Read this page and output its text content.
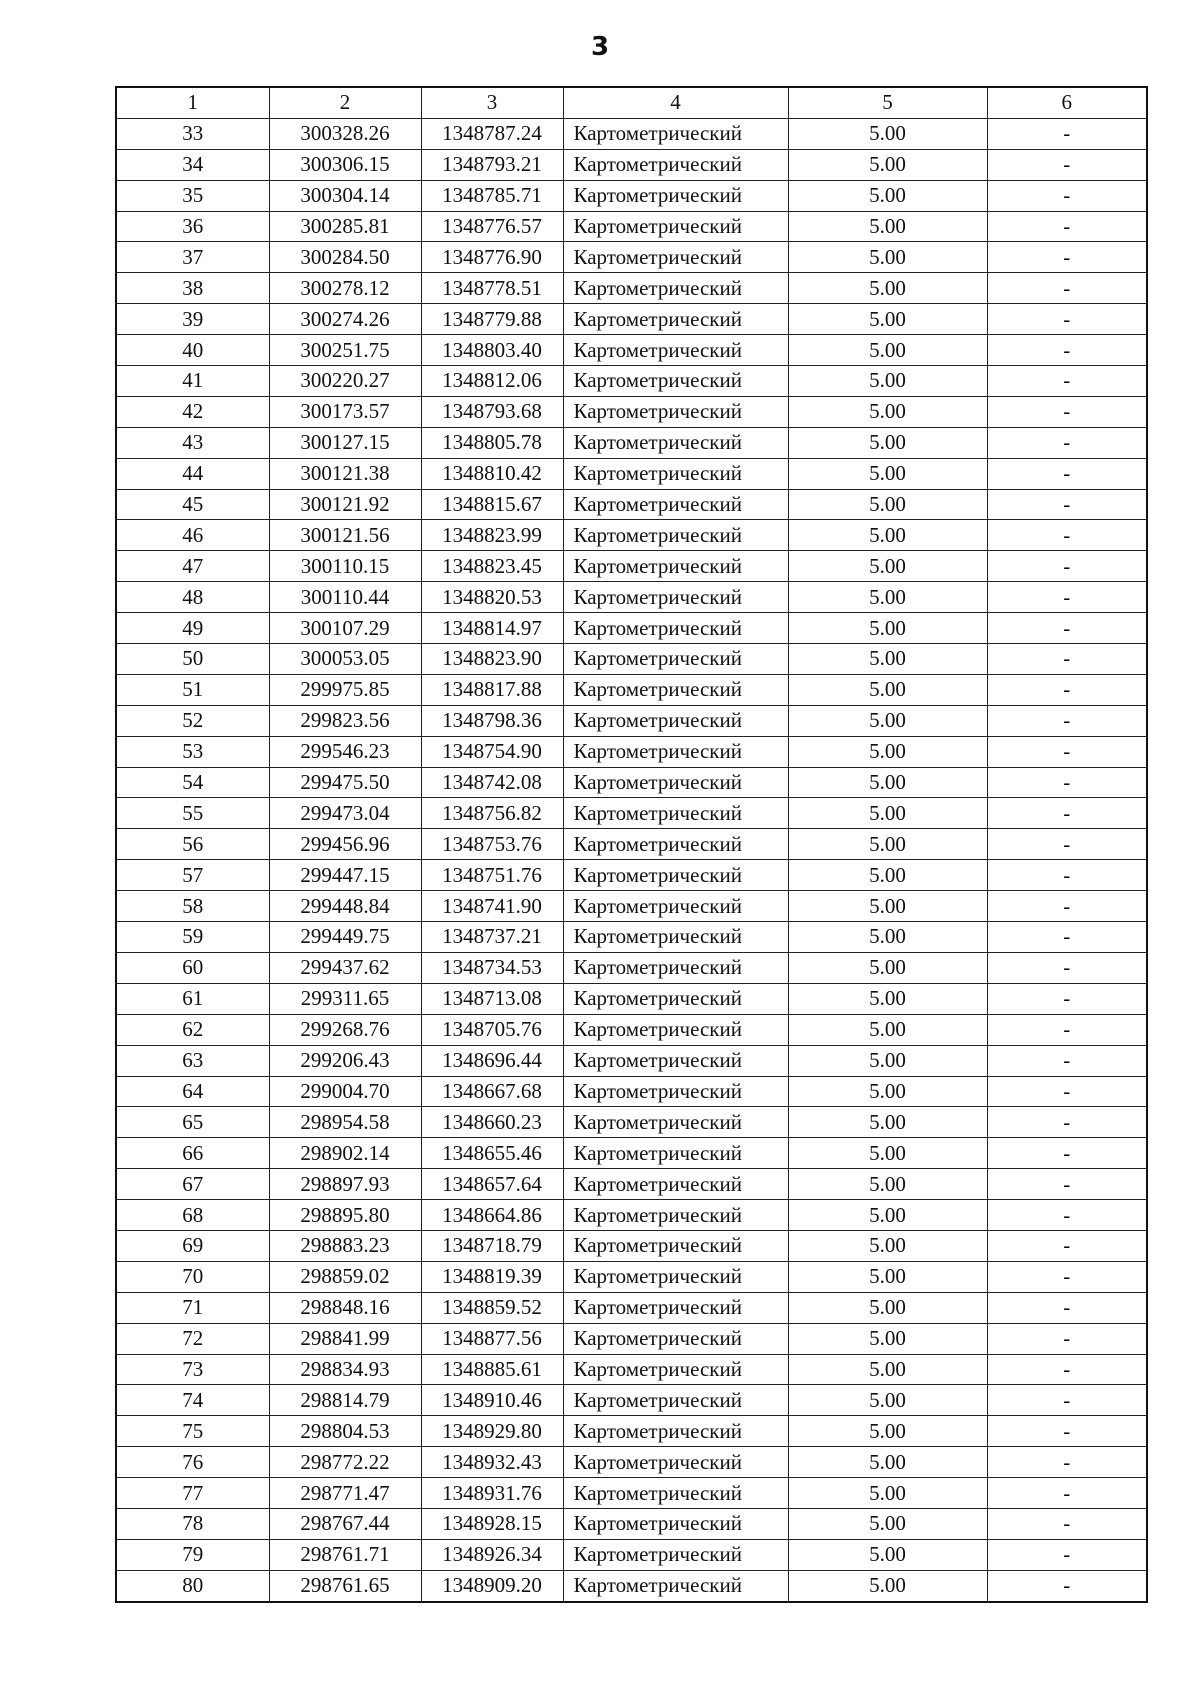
3
1	2	3	4	5	6
33	300328.26	1348787.24	Картометрический	5.00	-
34	300306.15	1348793.21	Картометрический	5.00	-
35	300304.14	1348785.71	Картометрический	5.00	-
36	300285.81	1348776.57	Картометрический	5.00	-
37	300284.50	1348776.90	Картометрический	5.00	-
38	300278.12	1348778.51	Картометрический	5.00	-
39	300274.26	1348779.88	Картометрический	5.00	-
40	300251.75	1348803.40	Картометрический	5.00	-
41	300220.27	1348812.06	Картометрический	5.00	-
42	300173.57	1348793.68	Картометрический	5.00	-
43	300127.15	1348805.78	Картометрический	5.00	-
44	300121.38	1348810.42	Картометрический	5.00	-
45	300121.92	1348815.67	Картометрический	5.00	-
46	300121.56	1348823.99	Картометрический	5.00	-
47	300110.15	1348823.45	Картометрический	5.00	-
48	300110.44	1348820.53	Картометрический	5.00	-
49	300107.29	1348814.97	Картометрический	5.00	-
50	300053.05	1348823.90	Картометрический	5.00	-
51	299975.85	1348817.88	Картометрический	5.00	-
52	299823.56	1348798.36	Картометрический	5.00	-
53	299546.23	1348754.90	Картометрический	5.00	-
54	299475.50	1348742.08	Картометрический	5.00	-
55	299473.04	1348756.82	Картометрический	5.00	-
56	299456.96	1348753.76	Картометрический	5.00	-
57	299447.15	1348751.76	Картометрический	5.00	-
58	299448.84	1348741.90	Картометрический	5.00	-
59	299449.75	1348737.21	Картометрический	5.00	-
60	299437.62	1348734.53	Картометрический	5.00	-
61	299311.65	1348713.08	Картометрический	5.00	-
62	299268.76	1348705.76	Картометрический	5.00	-
63	299206.43	1348696.44	Картометрический	5.00	-
64	299004.70	1348667.68	Картометрический	5.00	-
65	298954.58	1348660.23	Картометрический	5.00	-
66	298902.14	1348655.46	Картометрический	5.00	-
67	298897.93	1348657.64	Картометрический	5.00	-
68	298895.80	1348664.86	Картометрический	5.00	-
69	298883.23	1348718.79	Картометрический	5.00	-
70	298859.02	1348819.39	Картометрический	5.00	-
71	298848.16	1348859.52	Картометрический	5.00	-
72	298841.99	1348877.56	Картометрический	5.00	-
73	298834.93	1348885.61	Картометрический	5.00	-
74	298814.79	1348910.46	Картометрический	5.00	-
75	298804.53	1348929.80	Картометрический	5.00	-
76	298772.22	1348932.43	Картометрический	5.00	-
77	298771.47	1348931.76	Картометрический	5.00	-
78	298767.44	1348928.15	Картометрический	5.00	-
79	298761.71	1348926.34	Картометрический	5.00	-
80	298761.65	1348909.20	Картометрический	5.00	-
